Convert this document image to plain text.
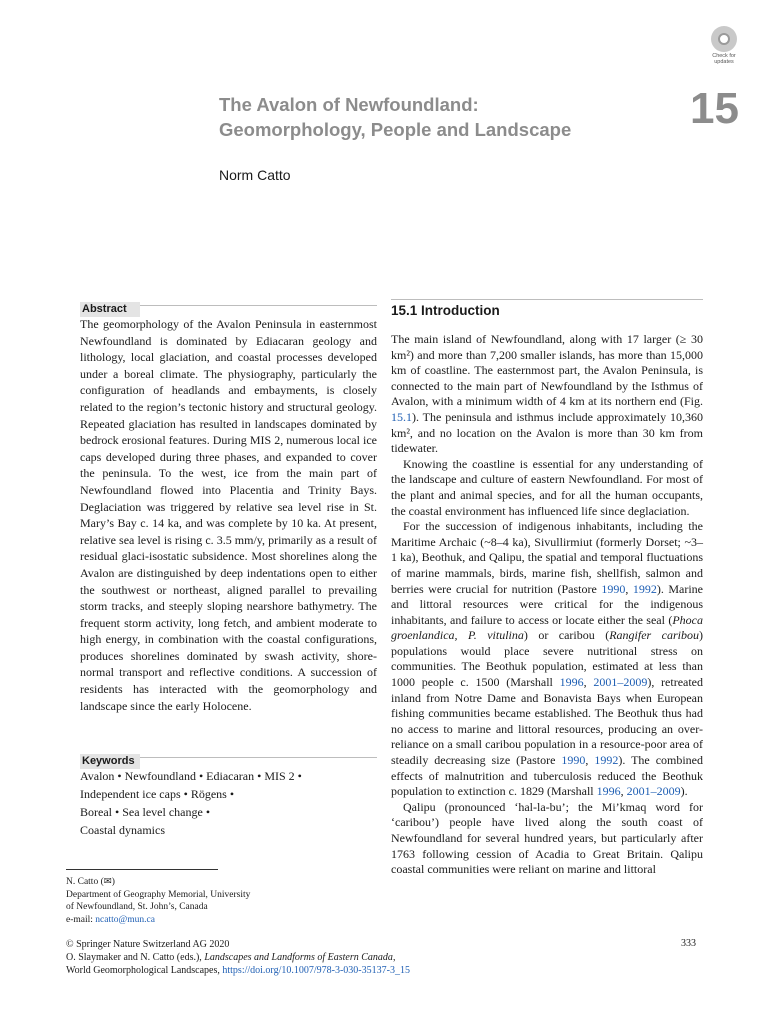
Check for
updates
The Avalon of Newfoundland:
Geomorphology, People and Landscape	15
Norm Catto
Abstract

The geomorphology of the Avalon Peninsula in easternmost Newfoundland is dominated by Ediacaran geology and lithology, local glaciation, and coastal processes developed under a boreal climate. The physiography, particularly the configuration of headlands and embayments, is closely related to the region’s tectonic history and structural geology. Repeated glaciation has resulted in landscapes dominated by bedrock erosional features. During MIS 2, numerous local ice caps developed during three phases, and expanded to cover the peninsula. To the west, ice from the main part of Newfoundland flowed into Placentia and Trinity Bays. Deglaciation was triggered by relative sea level rise in St. Mary’s Bay c. 14 ka, and was complete by 10 ka. At present, relative sea level is rising c. 3.5 mm/y, primarily as a result of residual glaci-isostatic subsidence. Most shorelines along the Avalon are distinguished by deep indentations open to either the southwest or northeast, aligned parallel to prevailing storm tracks, and steeply sloping nearshore bathymetry. The frequent storm activity, long fetch, and ambient moderate to high energy, in combination with the coastal configurations, produces shorelines dominated by swash activity, shore-normal transport and reflective conditions. A succession of residents has interacted with the geomorphology and landscape since the early Holocene.

Keywords
Avalon • Newfoundland • Ediacaran • MIS 2 •
Independent ice caps • Rögens •
Boreal • Sea level change •
Coastal dynamics
N. Catto (✉)
Department of Geography Memorial, University
of Newfoundland, St. John’s, Canada
e-mail: ncatto@mun.ca
15.1 Introduction

The main island of Newfoundland, along with 17 larger (≥ 30 km²) and more than 7,200 smaller islands, has more than 15,000 km of coastline. The easternmost part, the Avalon Peninsula, is connected to the main part of Newfoundland by the Isthmus of Avalon, with a minimum width of 4 km at its northern end (Fig. 15.1). The peninsula and isthmus include approximately 10,360 km², and no location on the Avalon is more than 30 km from tidewater.

Knowing the coastline is essential for any understanding of the landscape and culture of eastern Newfoundland. For most of the plant and animal species, and for all the human occupants, the coastal environment has influenced life since deglaciation.

For the succession of indigenous inhabitants, including the Maritime Archaic (~8–4 ka), Sivullirmiut (formerly Dorset; ~3–1 ka), Beothuk, and Qalipu, the spatial and temporal fluctuations of marine mammals, birds, marine fish, shellfish, salmon and berries were crucial for nutrition (Pastore 1990, 1992). Marine and littoral resources were critical for the indigenous inhabitants, and failure to access or locate either the seal (Phoca groenlandica, P. vitulina) or caribou (Rangifer caribou) populations would place severe nutritional stress on communities. The Beothuk population, estimated at less than 1000 people c. 1500 (Marshall 1996, 2001–2009), retreated inland from Notre Dame and Bonavista Bays when European fishing communities became established. The Beothuk thus had no access to marine and littoral resources, producing an over-reliance on a small caribou population in a resource-poor area of steadily decreasing size (Pastore 1990, 1992). The combined effects of malnutrition and tuberculosis reduced the Beothuk population to extinction c. 1829 (Marshall 1996, 2001–2009).

Qalipu (pronounced ‘hal-la-bu’; the Mi’kmaq word for ‘caribou’) people have lived along the south coast of Newfoundland for several hundred years, but particularly after 1763 following cession of Acadia to Great Britain. Qalipu coastal communities were reliant on marine and littoral

© Springer Nature Switzerland AG 2020
O. Slaymaker and N. Catto (eds.), Landscapes and Landforms of Eastern Canada,
World Geomorphological Landscapes, https://doi.org/10.1007/978-3-030-35137-3_15
333
